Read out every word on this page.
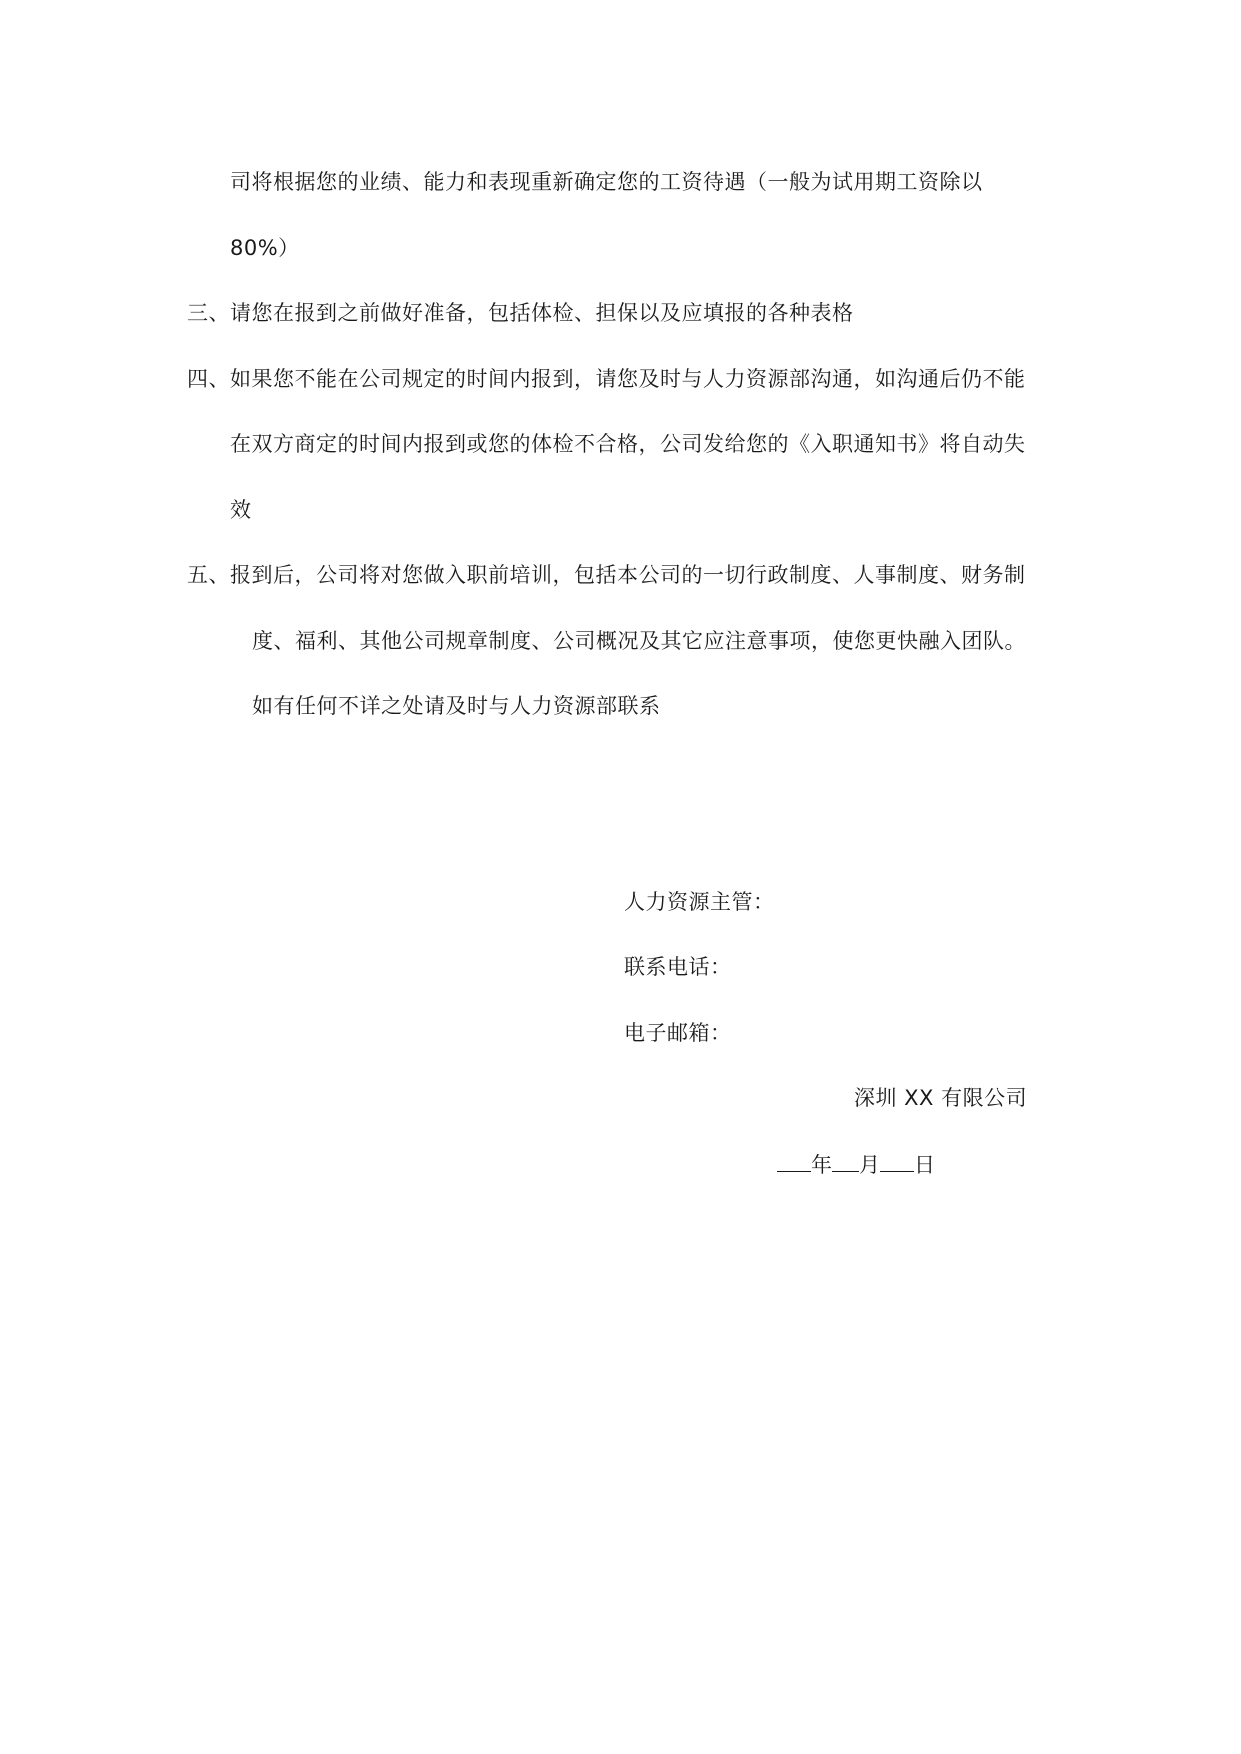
司将根据您的业绩、能力和表现重新确定您的工资待遇（一般为试用期工资除以
80%）
三、请您在报到之前做好准备，包括体检、担保以及应填报的各种表格
四、如果您不能在公司规定的时间内报到，请您及时与人力资源部沟通，如沟通后仍不能
在双方商定的时间内报到或您的体检不合格，公司发给您的《入职通知书》将自动失
效
五、报到后，公司将对您做入职前培训，包括本公司的一切行政制度、人事制度、财务制
度、福利、其他公司规章制度、公司概况及其它应注意事项，使您更快融入团队。
如有任何不详之处请及时与人力资源部联系
人力资源主管：
联系电话：
电子邮箱：
深圳 XX 有限公司
年 月 日
